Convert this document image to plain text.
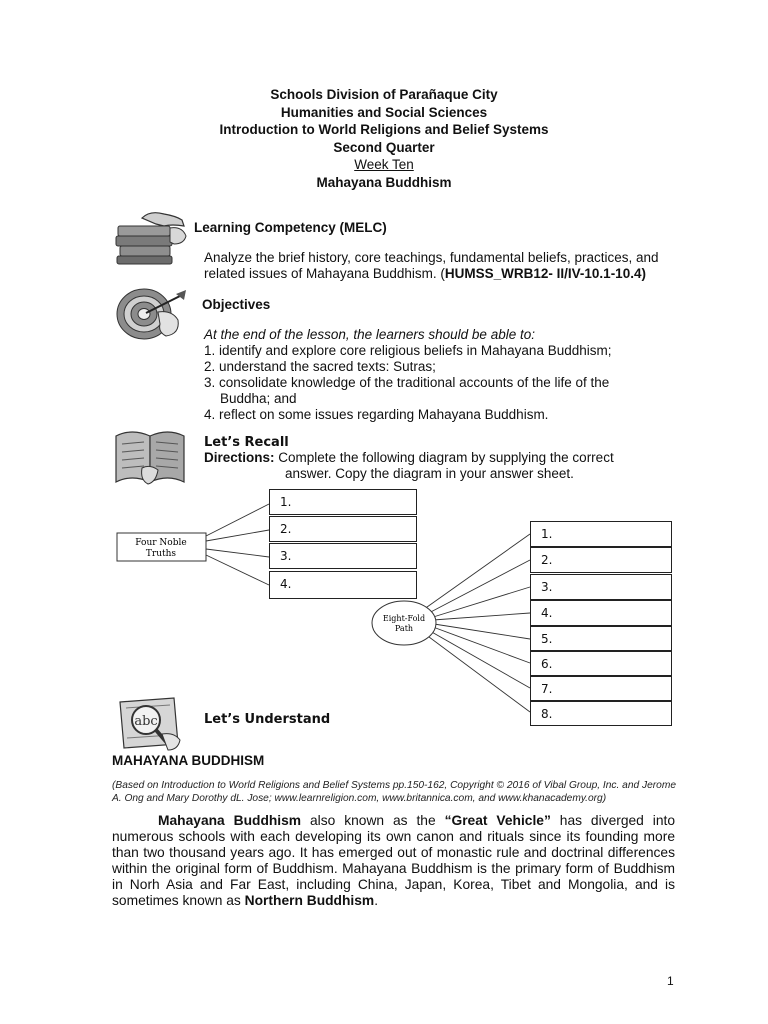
Schools Division of Parañaque City
Humanities and Social Sciences
Introduction to World Religions and Belief Systems
Second Quarter
Week Ten
Mahayana Buddhism
Learning Competency (MELC)
Analyze the brief history, core teachings, fundamental beliefs, practices, and related issues of Mahayana Buddhism. (HUMSS_WRB12- II/IV-10.1-10.4)
Objectives
At the end of the lesson, the learners should be able to:
1. identify and explore core religious beliefs in Mahayana Buddhism;
2. understand the sacred texts: Sutras;
3. consolidate knowledge of the traditional accounts of the life of the
Buddha; and
4. reflect on some issues regarding Mahayana Buddhism.
Let’s Recall
Directions: Complete the following diagram by supplying the correct
answer. Copy the diagram in your answer sheet.
Four Noble
Truths
Eight-Fold
Path
1.
2.
3.
4.
1.
2.
3.
4.
5.
6.
7.
8.
abc	Let’s Understand
MAHAYANA BUDDHISM
(Based on Introduction to World Religions and Belief Systems pp.150-162, Copyright © 2016 of Vibal Group, Inc. and Jerome A. Ong and Mary Dorothy dL. Jose; www.learnreligion.com, www.britannica.com, and www.khanacademy.org)
Mahayana Buddhism also known as the “Great Vehicle” has diverged into numerous schools with each developing its own canon and rituals since its founding more than two thousand years ago. It has emerged out of monastic rule and doctrinal differences within the original form of Buddhism. Mahayana Buddhism is the primary form of Buddhism in Norh Asia and Far East, including China, Japan, Korea, Tibet and Mongolia, and is sometimes known as Northern Buddhism.
1
